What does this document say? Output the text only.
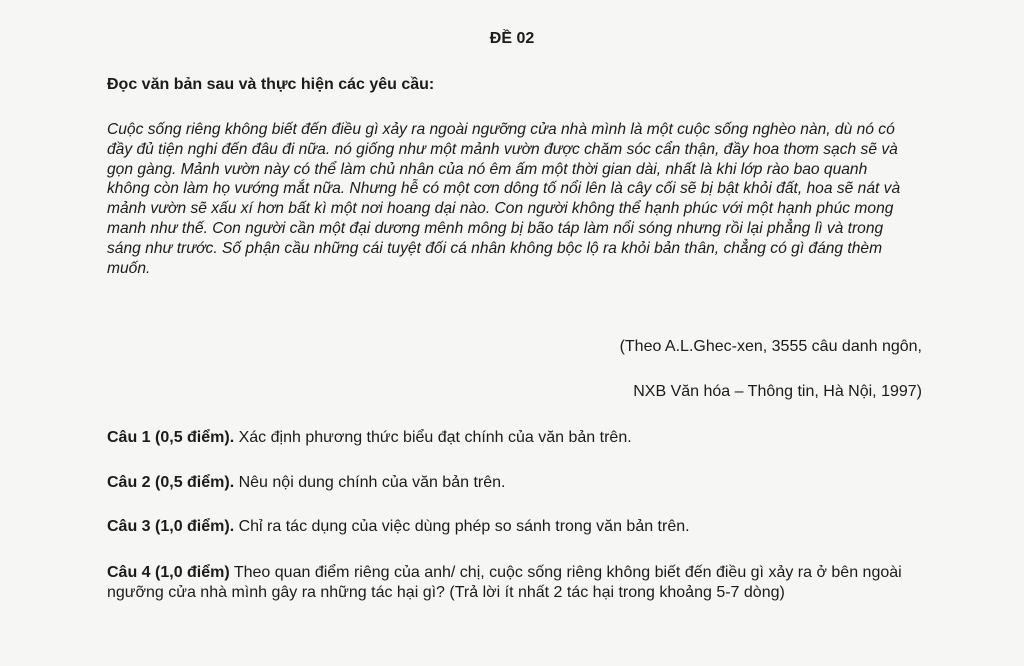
ĐỀ 02
Đọc văn bản sau và thực hiện các yêu cầu:

Cuộc sống riêng không biết đến điều gì xảy ra ngoài ngưỡng cửa nhà mình là một cuộc sống nghèo nàn, dù nó có đầy đủ tiện nghi đến đâu đi nữa. nó giống như một mảnh vườn được chăm sóc cẩn thận, đầy hoa thơm sạch sẽ và gọn gàng. Mảnh vườn này có thể làm chủ nhân của nó êm ấm một thời gian dài, nhất là khi lớp rào bao quanh không còn làm họ vướng mắt nữa. Nhưng hễ có một cơn dông tố nổi lên là cây cối sẽ bị bật khỏi đất, hoa sẽ nát và mảnh vườn sẽ xấu xí hơn bất kì một nơi hoang dại nào. Con người không thể hạnh phúc với một hạnh phúc mong manh như thế. Con người cần một đại dương mênh mông bị bão táp làm nổi sóng nhưng rồi lại phẳng lì và trong sáng như trước. Số phận cầu những cái tuyệt đối cá nhân không bộc lộ ra khỏi bản thân, chẳng có gì đáng thèm muốn.

(Theo A.L.Ghec-xen, 3555 câu danh ngôn,
NXB Văn hóa – Thông tin, Hà Nội, 1997)

Câu 1 (0,5 điểm). Xác định phương thức biểu đạt chính của văn bản trên.

Câu 2 (0,5 điểm). Nêu nội dung chính của văn bản trên.

Câu 3 (1,0 điểm). Chỉ ra tác dụng của việc dùng phép so sánh trong văn bản trên.

Câu 4 (1,0 điểm) Theo quan điểm riêng của anh/ chị, cuộc sống riêng không biết đến điều gì xảy ra ở bên ngoài ngưỡng cửa nhà mình gây ra những tác hại gì? (Trả lời ít nhất 2 tác hại trong khoảng 5-7 dòng)
